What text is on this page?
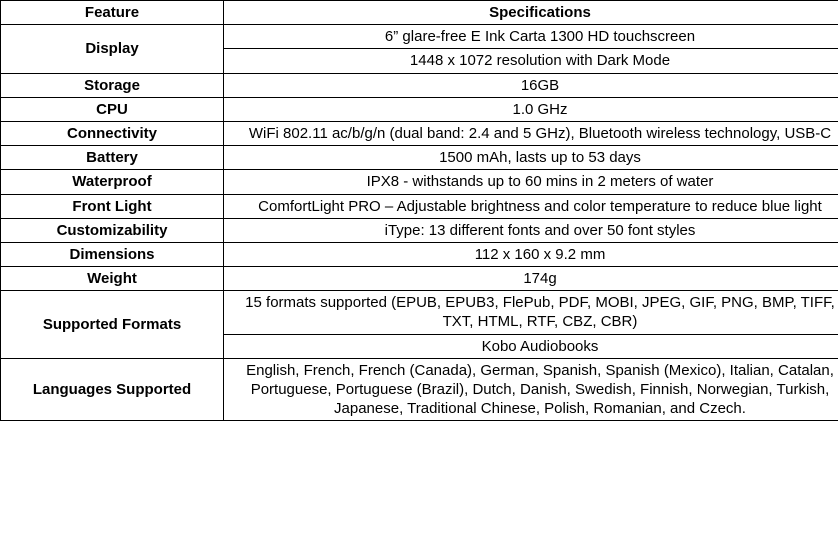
Feature	Specifications
Display	6” glare-free E Ink Carta 1300 HD touchscreen
	1448 x 1072 resolution with Dark Mode
Storage	16GB
CPU	1.0 GHz
Connectivity	WiFi 802.11 ac/b/g/n (dual band: 2.4 and 5 GHz), Bluetooth wireless technology, USB-C
Battery	1500 mAh, lasts up to 53 days
Waterproof	IPX8 - withstands up to 60 mins in 2 meters of water
Front Light	ComfortLight PRO – Adjustable brightness and color temperature to reduce blue light
Customizability	iType: 13 different fonts and over 50 font styles
Dimensions	112 x 160 x 9.2 mm
Weight	174g
Supported Formats	15 formats supported (EPUB, EPUB3, FlePub, PDF, MOBI, JPEG, GIF, PNG, BMP, TIFF, TXT, HTML, RTF, CBZ, CBR)
	Kobo Audiobooks
Languages Supported	English, French, French (Canada), German, Spanish, Spanish (Mexico), Italian, Catalan, Portuguese, Portuguese (Brazil), Dutch, Danish, Swedish, Finnish, Norwegian, Turkish, Japanese, Traditional Chinese, Polish, Romanian, and Czech.
